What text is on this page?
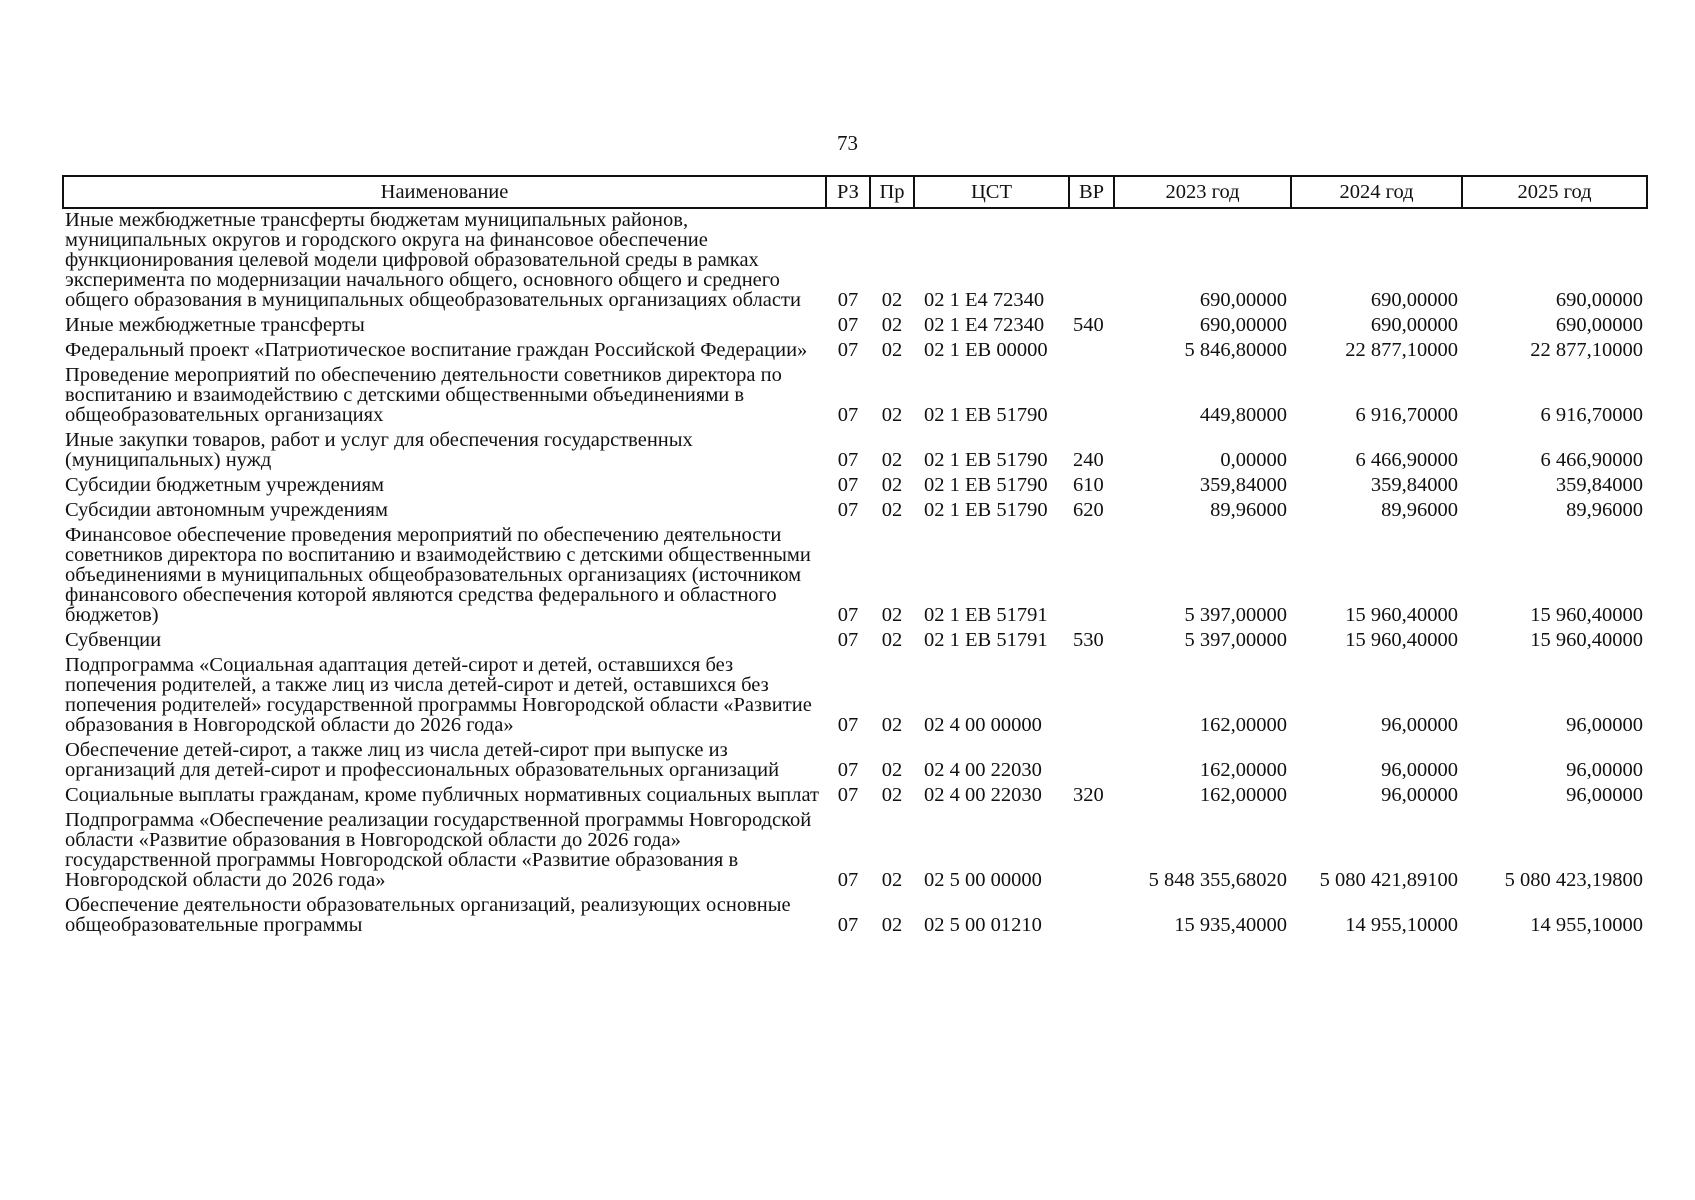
73
Наименование	РЗ	Пр	ЦСТ	ВР	2023 год	2024 год	2025 год
Иные межбюджетные трансферты бюджетам муниципальных районов, муниципальных округов и городского округа на финансовое обеспечение функционирования целевой модели цифровой образовательной среды в рамках эксперимента по модернизации начального общего, основного общего и среднего общего образования в муниципальных общеобразовательных организациях области	07	02	02 1 Е4 72340		690,00000	690,00000	690,00000
Иные межбюджетные трансферты	07	02	02 1 Е4 72340	540	690,00000	690,00000	690,00000
Федеральный проект «Патриотическое воспитание граждан Российской Федерации»	07	02	02 1 ЕВ 00000		5 846,80000	22 877,10000	22 877,10000
Проведение мероприятий по обеспечению деятельности советников директора по воспитанию и взаимодействию с детскими общественными объединениями в общеобразовательных организациях	07	02	02 1 ЕВ 51790		449,80000	6 916,70000	6 916,70000
Иные закупки товаров, работ и услуг для обеспечения государственных (муниципальных) нужд	07	02	02 1 ЕВ 51790	240	0,00000	6 466,90000	6 466,90000
Субсидии бюджетным учреждениям	07	02	02 1 ЕВ 51790	610	359,84000	359,84000	359,84000
Субсидии автономным учреждениям	07	02	02 1 ЕВ 51790	620	89,96000	89,96000	89,96000
Финансовое обеспечение проведения мероприятий по обеспечению деятельности советников директора по воспитанию и взаимодействию с детскими общественными объединениями в муниципальных общеобразовательных организациях (источником финансового обеспечения которой являются средства федерального и областного бюджетов)	07	02	02 1 ЕВ 51791		5 397,00000	15 960,40000	15 960,40000
Субвенции	07	02	02 1 ЕВ 51791	530	5 397,00000	15 960,40000	15 960,40000
Подпрограмма «Социальная адаптация детей-сирот и детей, оставшихся без попечения родителей, а также лиц из числа детей-сирот и детей, оставшихся без попечения родителей» государственной программы Новгородской области «Развитие образования в Новгородской области до 2026 года»	07	02	02 4 00 00000		162,00000	96,00000	96,00000
Обеспечение детей-сирот, а также лиц из числа детей-сирот при выпуске из организаций для детей-сирот и профессиональных образовательных организаций	07	02	02 4 00 22030		162,00000	96,00000	96,00000
Социальные выплаты гражданам, кроме публичных нормативных социальных выплат	07	02	02 4 00 22030	320	162,00000	96,00000	96,00000
Подпрограмма «Обеспечение реализации государственной программы Новгородской области «Развитие образования в Новгородской области до 2026 года» государственной программы Новгородской области «Развитие образования в Новгородской области до 2026 года»	07	02	02 5 00 00000		5 848 355,68020	5 080 421,89100	5 080 423,19800
Обеспечение деятельности образовательных организаций, реализующих основные общеобразовательные программы	07	02	02 5 00 01210		15 935,40000	14 955,10000	14 955,10000
